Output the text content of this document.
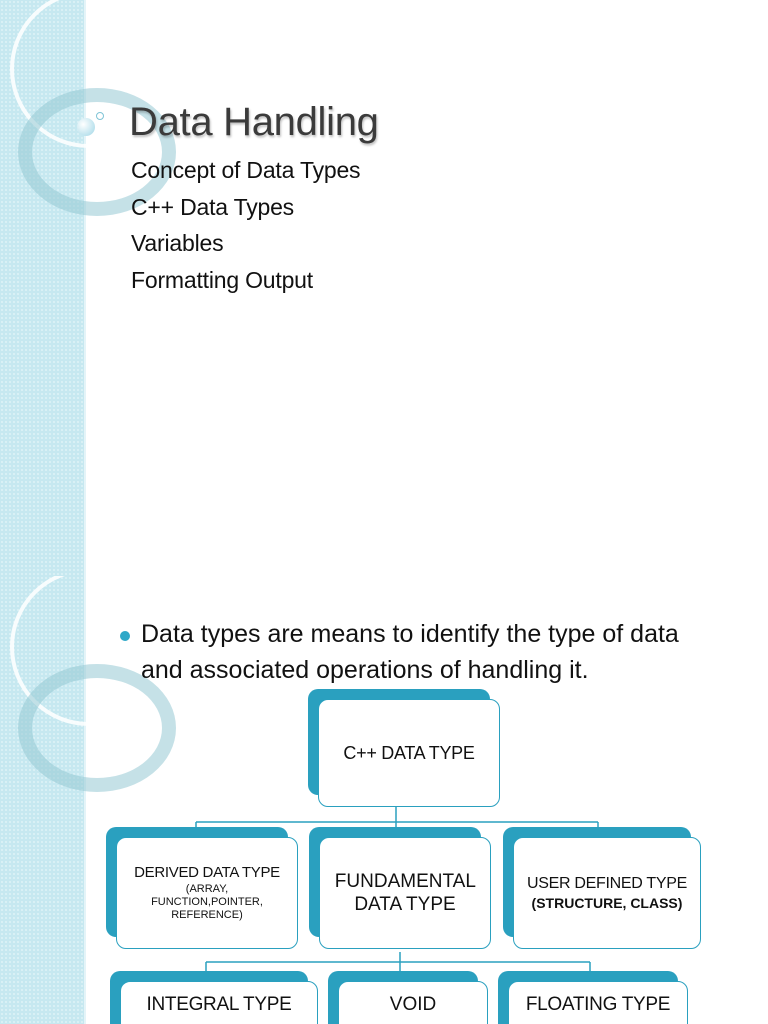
Data Handling
Concept of Data Types
C++ Data Types
Variables
Formatting Output

Data types are means to identify the type of data and associated operations of handling it.

C++ DATA TYPE
DERIVED DATA TYPE
(ARRAY, FUNCTION,POINTER, REFERENCE)
FUNDAMENTAL DATA TYPE
USER DEFINED TYPE
(STRUCTURE, CLASS)
INTEGRAL TYPE	VOID	FLOATING TYPE
